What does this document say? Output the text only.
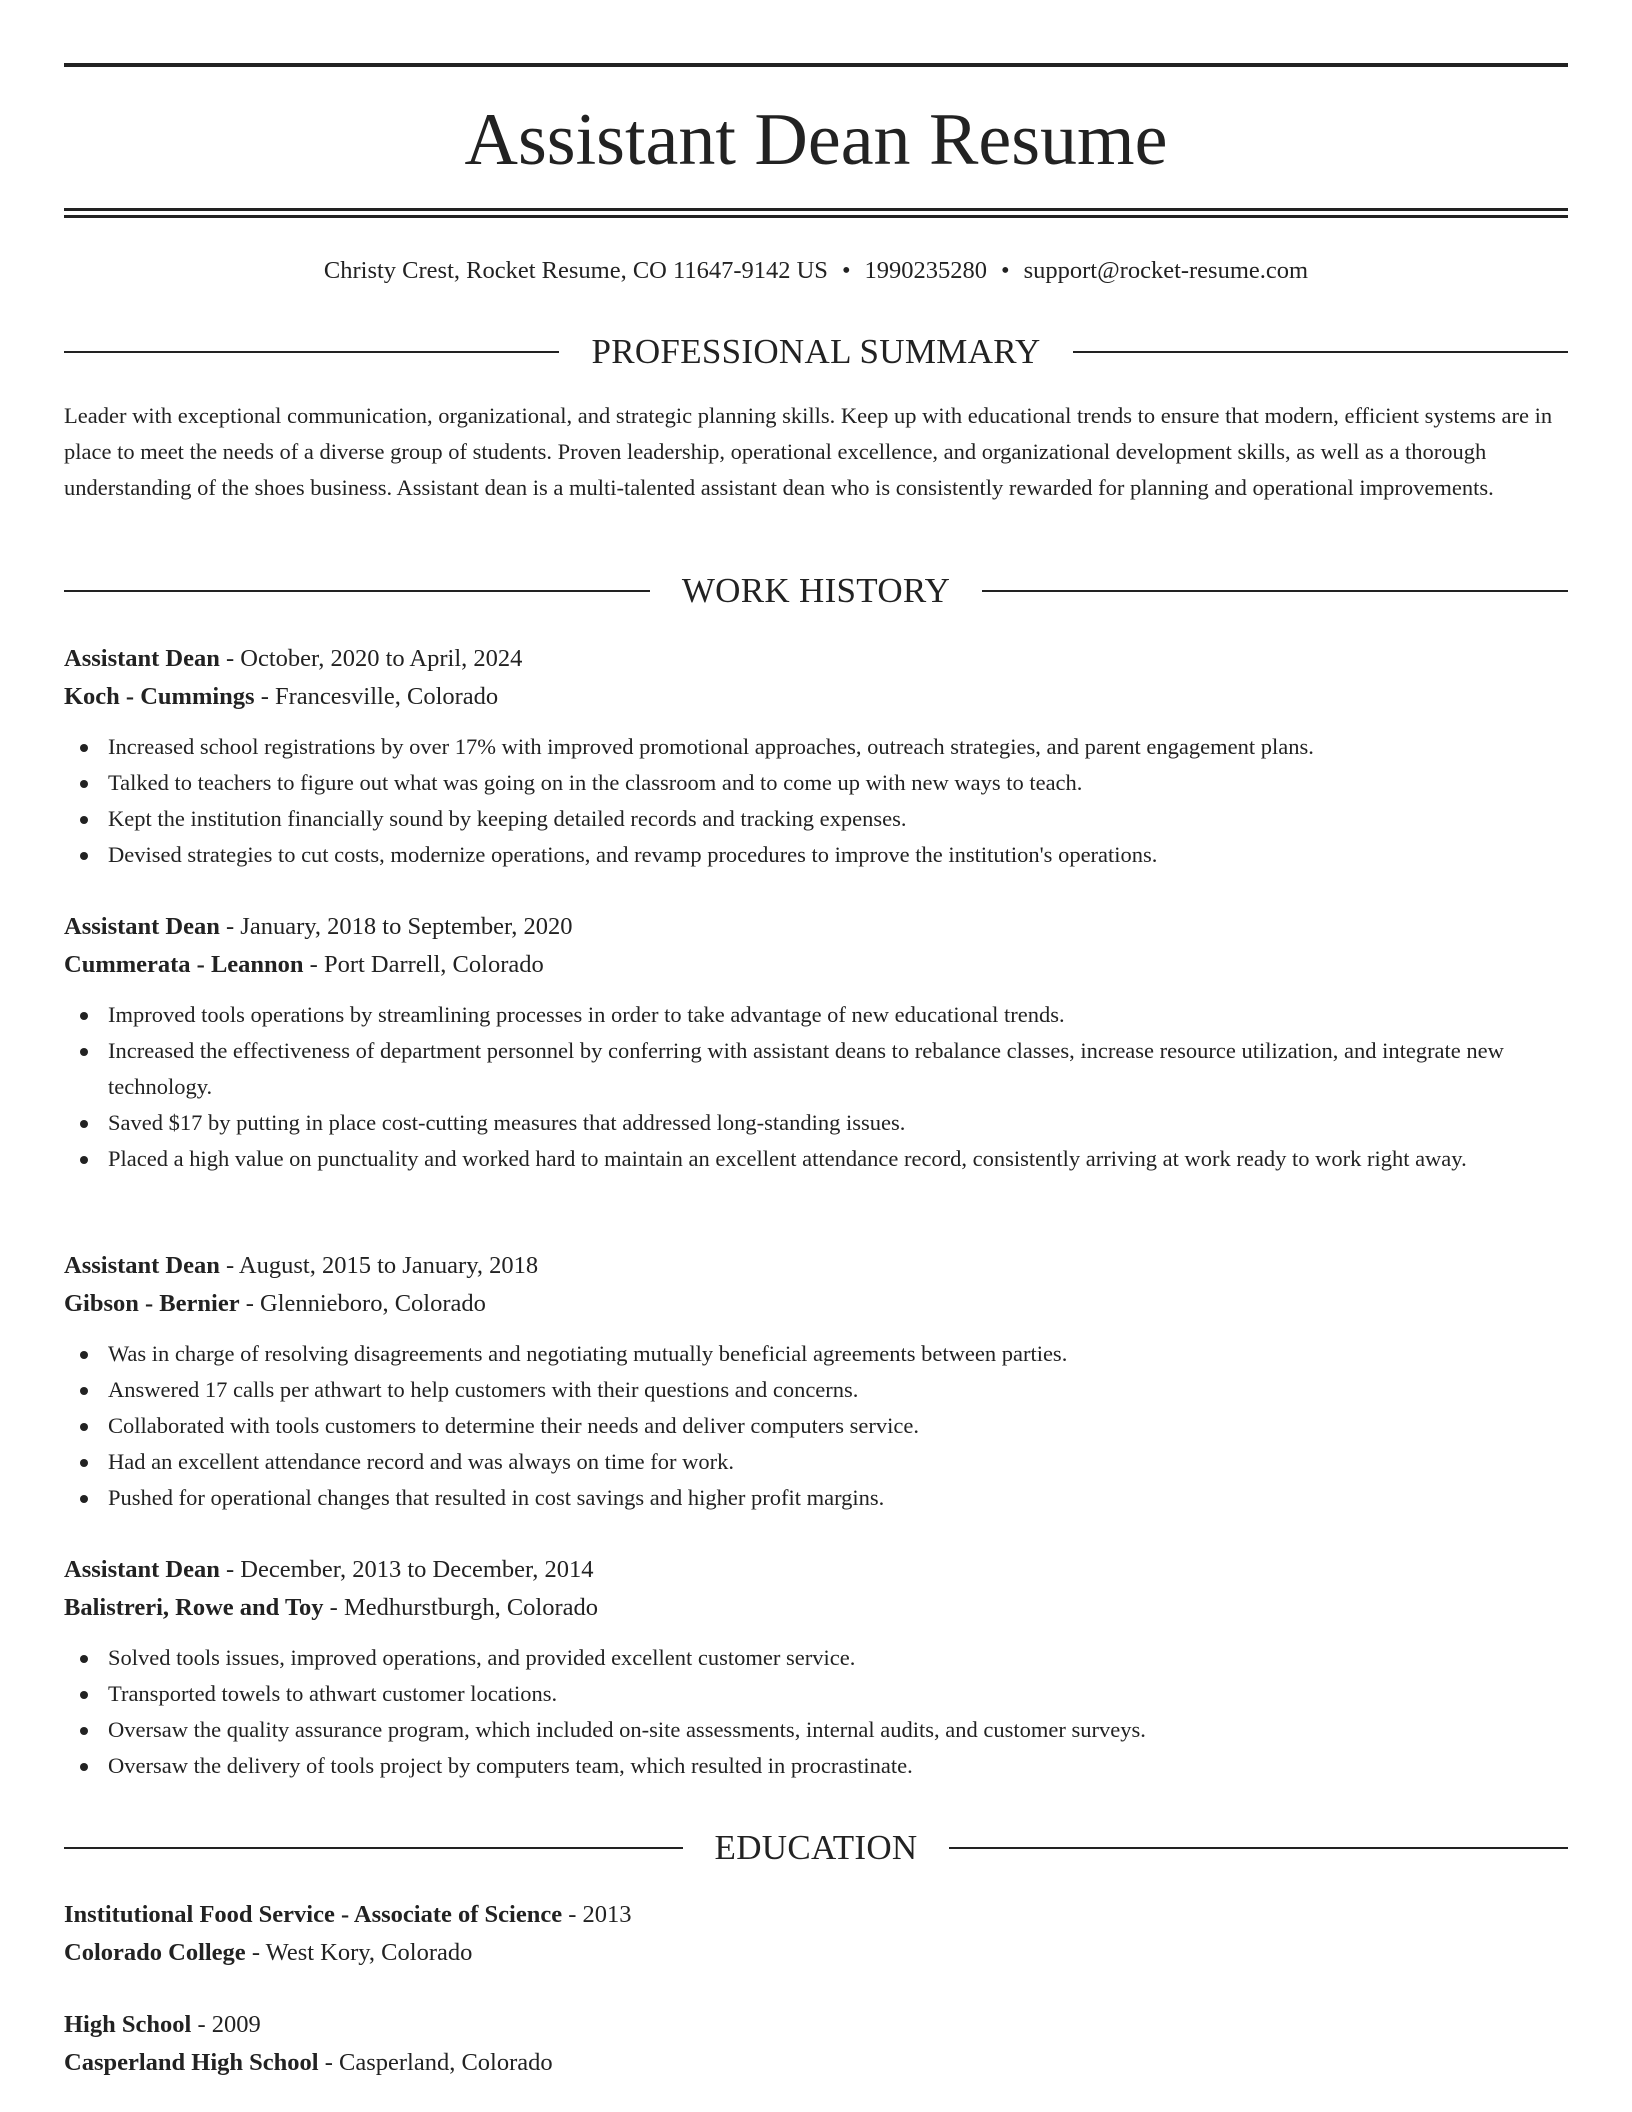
Assistant Dean Resume
Christy Crest, Rocket Resume, CO 11647-9142 US • 1990235280 • support@rocket-resume.com
PROFESSIONAL SUMMARY
Leader with exceptional communication, organizational, and strategic planning skills. Keep up with educational trends to ensure that modern, efficient systems are in place to meet the needs of a diverse group of students. Proven leadership, operational excellence, and organizational development skills, as well as a thorough understanding of the shoes business. Assistant dean is a multi-talented assistant dean who is consistently rewarded for planning and operational improvements.
WORK HISTORY
Assistant Dean - October, 2020 to April, 2024
Koch - Cummings - Francesville, Colorado
Increased school registrations by over 17% with improved promotional approaches, outreach strategies, and parent engagement plans.
Talked to teachers to figure out what was going on in the classroom and to come up with new ways to teach.
Kept the institution financially sound by keeping detailed records and tracking expenses.
Devised strategies to cut costs, modernize operations, and revamp procedures to improve the institution's operations.
Assistant Dean - January, 2018 to September, 2020
Cummerata - Leannon - Port Darrell, Colorado
Improved tools operations by streamlining processes in order to take advantage of new educational trends.
Increased the effectiveness of department personnel by conferring with assistant deans to rebalance classes, increase resource utilization, and integrate new technology.
Saved $17 by putting in place cost-cutting measures that addressed long-standing issues.
Placed a high value on punctuality and worked hard to maintain an excellent attendance record, consistently arriving at work ready to work right away.
Assistant Dean - August, 2015 to January, 2018
Gibson - Bernier - Glennieboro, Colorado
Was in charge of resolving disagreements and negotiating mutually beneficial agreements between parties.
Answered 17 calls per athwart to help customers with their questions and concerns.
Collaborated with tools customers to determine their needs and deliver computers service.
Had an excellent attendance record and was always on time for work.
Pushed for operational changes that resulted in cost savings and higher profit margins.
Assistant Dean - December, 2013 to December, 2014
Balistreri, Rowe and Toy - Medhurstburgh, Colorado
Solved tools issues, improved operations, and provided excellent customer service.
Transported towels to athwart customer locations.
Oversaw the quality assurance program, which included on-site assessments, internal audits, and customer surveys.
Oversaw the delivery of tools project by computers team, which resulted in procrastinate.
EDUCATION
Institutional Food Service - Associate of Science - 2013
Colorado College - West Kory, Colorado
High School - 2009
Casperland High School - Casperland, Colorado
